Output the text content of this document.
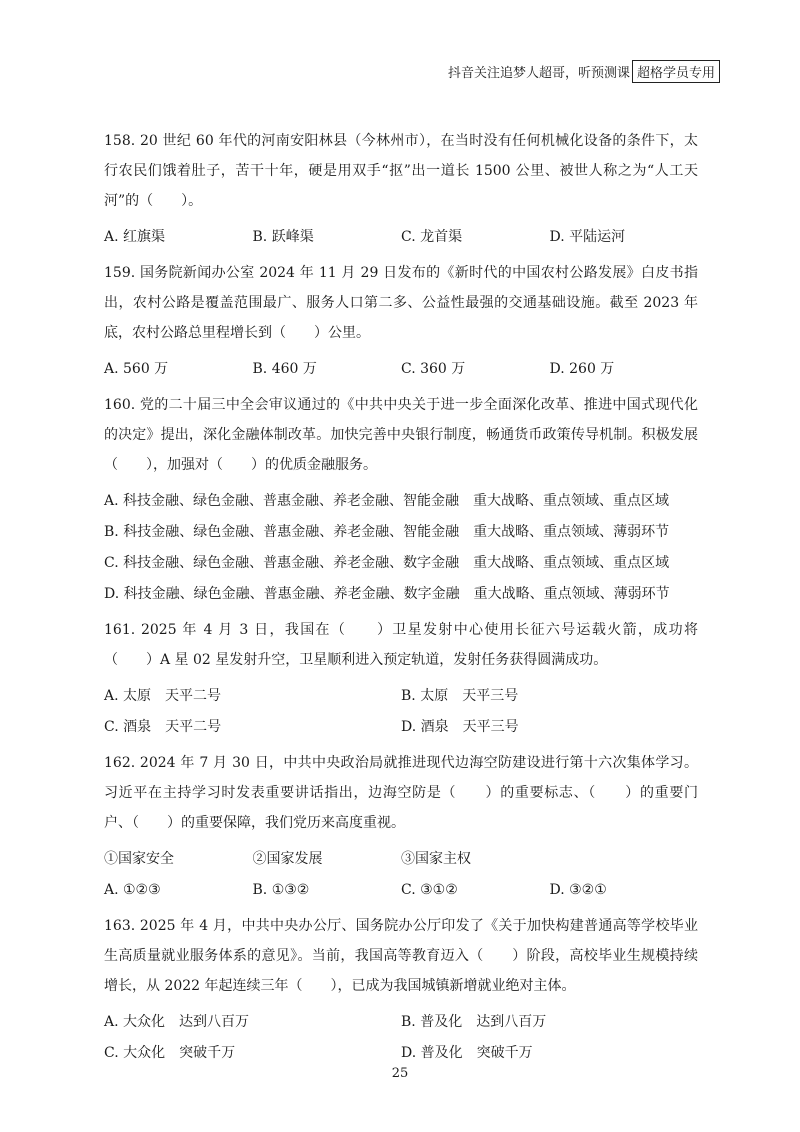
抖音关注追梦人超哥，听预测课 超格学员专用

158. 20 世纪 60 年代的河南安阳林县（今林州市），在当时没有任何机械化设备的条件下，太行农民们饿着肚子，苦干十年，硬是用双手“抠”出一道长 1500 公里、被世人称之为“人工天河”的（　　）。

A. 红旗渠	B. 跃峰渠	C. 龙首渠	D. 平陆运河

159. 国务院新闻办公室 2024 年 11 月 29 日发布的《新时代的中国农村公路发展》白皮书指出，农村公路是覆盖范围最广、服务人口第二多、公益性最强的交通基础设施。截至 2023 年底，农村公路总里程增长到（　　）公里。

A. 560 万	B. 460 万	C. 360 万	D. 260 万

160. 党的二十届三中全会审议通过的《中共中央关于进一步全面深化改革、推进中国式现代化的决定》提出，深化金融体制改革。加快完善中央银行制度，畅通货币政策传导机制。积极发展（　　），加强对（　　）的优质金融服务。

A. 科技金融、绿色金融、普惠金融、养老金融、智能金融　重大战略、重点领域、重点区域
B. 科技金融、绿色金融、普惠金融、养老金融、智能金融　重大战略、重点领域、薄弱环节
C. 科技金融、绿色金融、普惠金融、养老金融、数字金融　重大战略、重点领域、重点区域
D. 科技金融、绿色金融、普惠金融、养老金融、数字金融　重大战略、重点领域、薄弱环节

161. 2025 年 4 月 3 日，我国在（　　）卫星发射中心使用长征六号运载火箭，成功将（　　）A 星 02 星发射升空，卫星顺利进入预定轨道，发射任务获得圆满成功。

A. 太原　天平二号	B. 太原　天平三号
C. 酒泉　天平二号	D. 酒泉　天平三号

162. 2024 年 7 月 30 日，中共中央政治局就推进现代边海空防建设进行第十六次集体学习。习近平在主持学习时发表重要讲话指出，边海空防是（　　）的重要标志、（　　）的重要门户、（　　）的重要保障，我们党历来高度重视。

①国家安全	②国家发展	③国家主权
A. ①②③	B. ①③②	C. ③①②	D. ③②①

163. 2025 年 4 月，中共中央办公厅、国务院办公厅印发了《关于加快构建普通高等学校毕业生高质量就业服务体系的意见》。当前，我国高等教育迈入（　　）阶段，高校毕业生规模持续增长，从 2022 年起连续三年（　　），已成为我国城镇新增就业绝对主体。

A. 大众化　达到八百万	B. 普及化　达到八百万
C. 大众化　突破千万	D. 普及化　突破千万
25
